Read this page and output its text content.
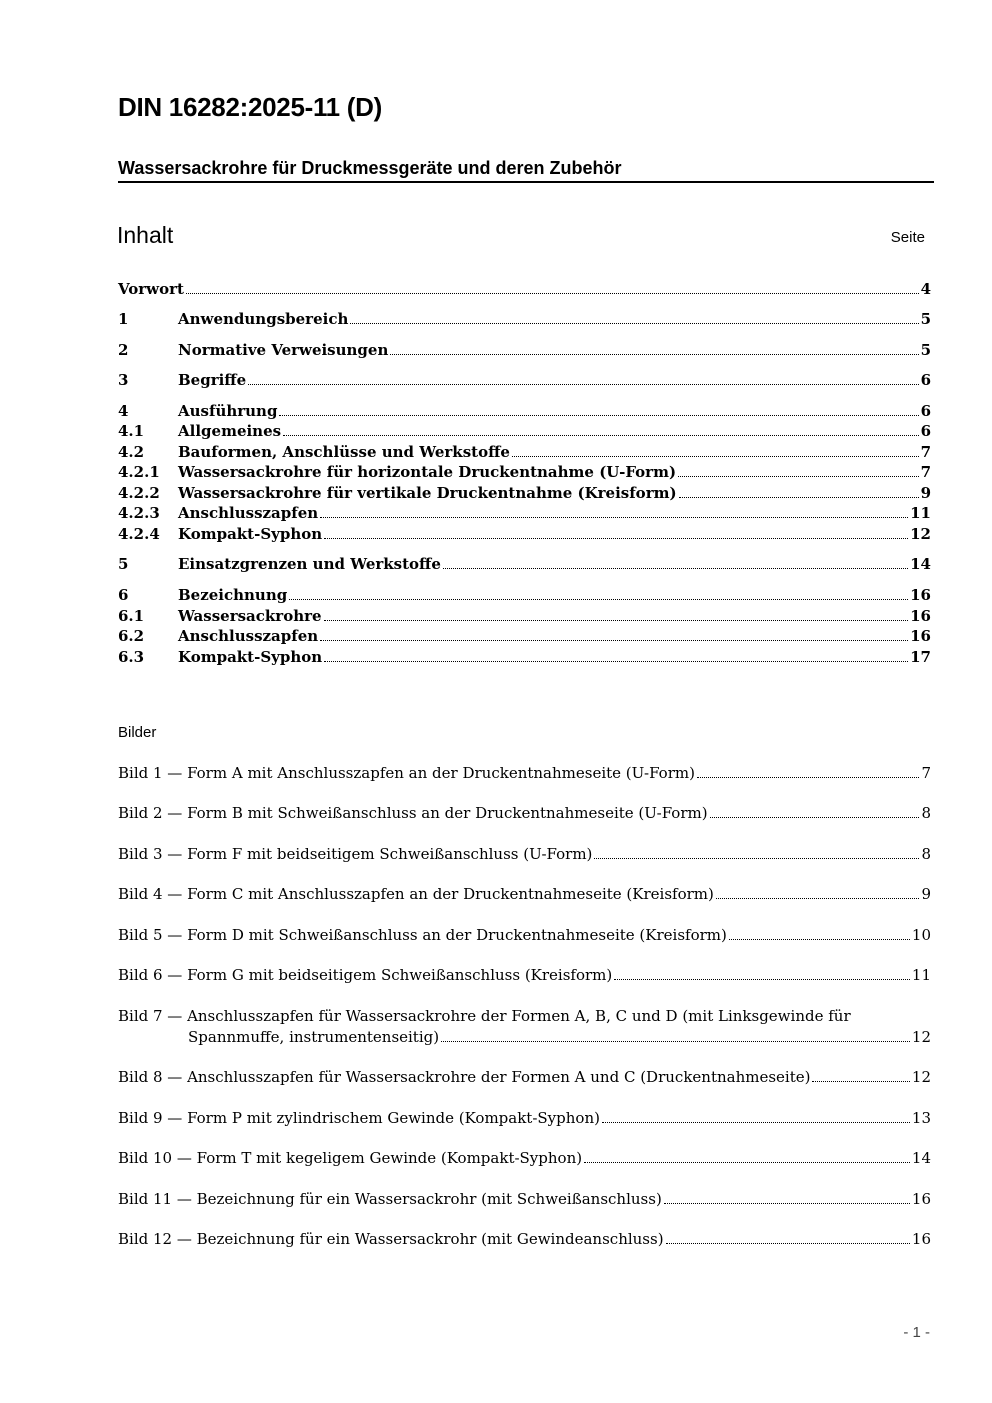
DIN 16282:2025-11 (D)
Wassersackrohre für Druckmessgeräte und deren Zubehör
Inhalt	Seite
Vorwort	4
1	Anwendungsbereich	5
2	Normative Verweisungen	5
3	Begriffe	6
4	Ausführung	6
4.1	Allgemeines	6
4.2	Bauformen, Anschlüsse und Werkstoffe	7
4.2.1	Wassersackrohre für horizontale Druckentnahme (U-Form)	7
4.2.2	Wassersackrohre für vertikale Druckentnahme (Kreisform)	9
4.2.3	Anschlusszapfen	11
4.2.4	Kompakt-Syphon	12
5	Einsatzgrenzen und Werkstoffe	14
6	Bezeichnung	16
6.1	Wassersackrohre	16
6.2	Anschlusszapfen	16
6.3	Kompakt-Syphon	17
Bilder
Bild 1 — Form A mit Anschlusszapfen an der Druckentnahmeseite (U-Form)	7
Bild 2 — Form B mit Schweißanschluss an der Druckentnahmeseite (U-Form)	8
Bild 3 — Form F mit beidseitigem Schweißanschluss (U-Form)	8
Bild 4 — Form C mit Anschlusszapfen an der Druckentnahmeseite (Kreisform)	9
Bild 5 — Form D mit Schweißanschluss an der Druckentnahmeseite (Kreisform)	10
Bild 6 — Form G mit beidseitigem Schweißanschluss (Kreisform)	11
Bild 7 — Anschlusszapfen für Wassersackrohre der Formen A, B, C und D (mit Linksgewinde für
Spannmuffe, instrumentenseitig)	12
Bild 8 — Anschlusszapfen für Wassersackrohre der Formen A und C (Druckentnahmeseite)	12
Bild 9 — Form P mit zylindrischem Gewinde (Kompakt-Syphon)	13
Bild 10 — Form T mit kegeligem Gewinde (Kompakt-Syphon)	14
Bild 11 — Bezeichnung für ein Wassersackrohr (mit Schweißanschluss)	16
Bild 12 — Bezeichnung für ein Wassersackrohr (mit Gewindeanschluss)	16
- 1 -
